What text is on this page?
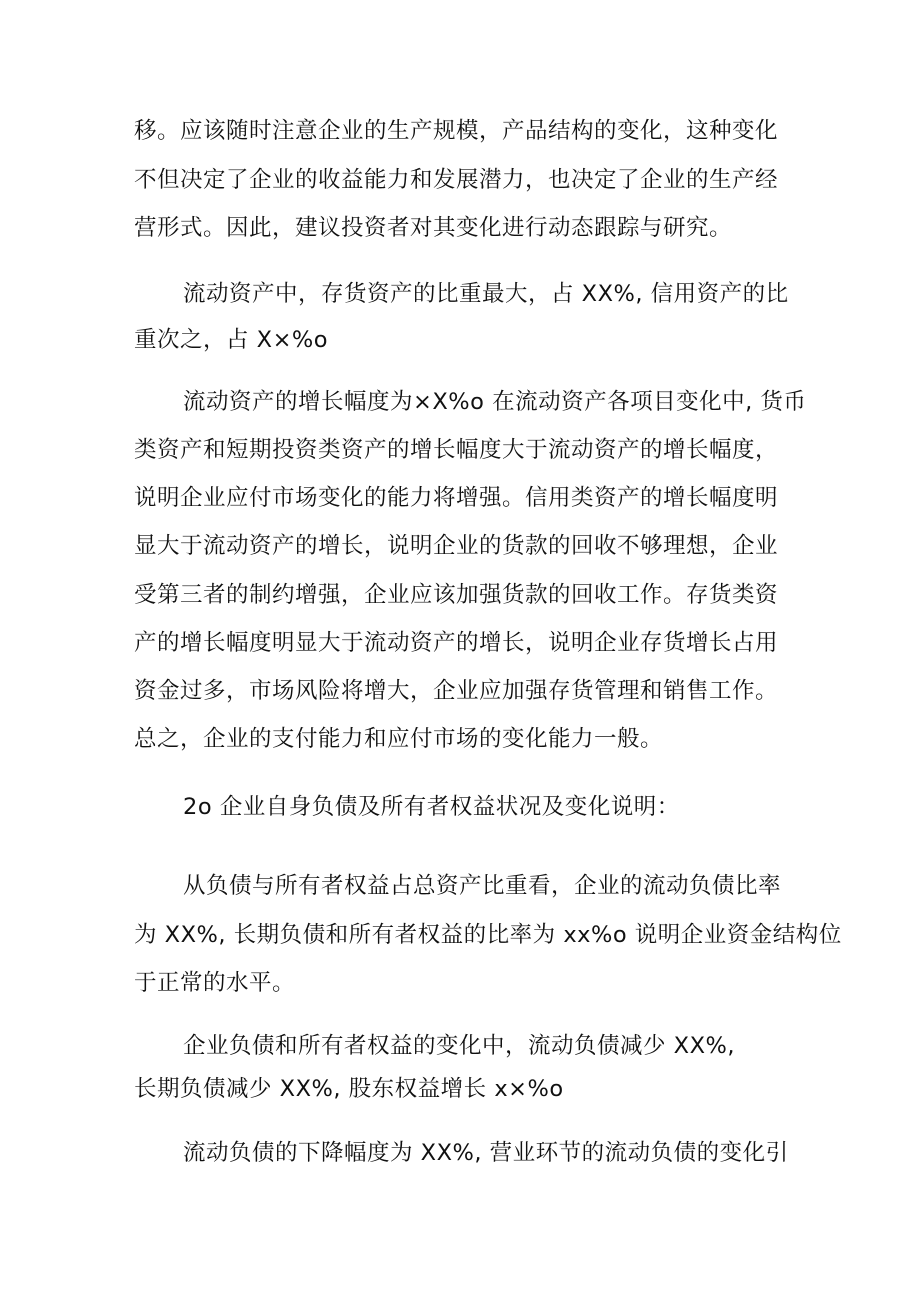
移。应该随时注意企业的生产规模，产品结构的变化，这种变化
不但决定了企业的收益能力和发展潜力，也决定了企业的生产经
营形式。因此，建议投资者对其变化进行动态跟踪与研究。
流动资产中，存货资产的比重最大，占 XX%, 信用资产的比
重次之，占 X×%o
流动资产的增长幅度为×X%o 在流动资产各项目变化中, 货币
类资产和短期投资类资产的增长幅度大于流动资产的增长幅度，
说明企业应付市场变化的能力将增强。信用类资产的增长幅度明
显大于流动资产的增长，说明企业的货款的回收不够理想，企业
受第三者的制约增强，企业应该加强货款的回收工作。存货类资
产的增长幅度明显大于流动资产的增长，说明企业存货增长占用
资金过多，市场风险将增大，企业应加强存货管理和销售工作。
总之，企业的支付能力和应付市场的变化能力一般。
2o 企业自身负债及所有者权益状况及变化说明：
从负债与所有者权益占总资产比重看，企业的流动负债比率
为 XX%, 长期负债和所有者权益的比率为 xx%o 说明企业资金结构位
于正常的水平。
企业负债和所有者权益的变化中，流动负债减少 XX%,
长期负债减少 XX%, 股东权益增长 x×%o
流动负债的下降幅度为 XX%, 营业环节的流动负债的变化引
